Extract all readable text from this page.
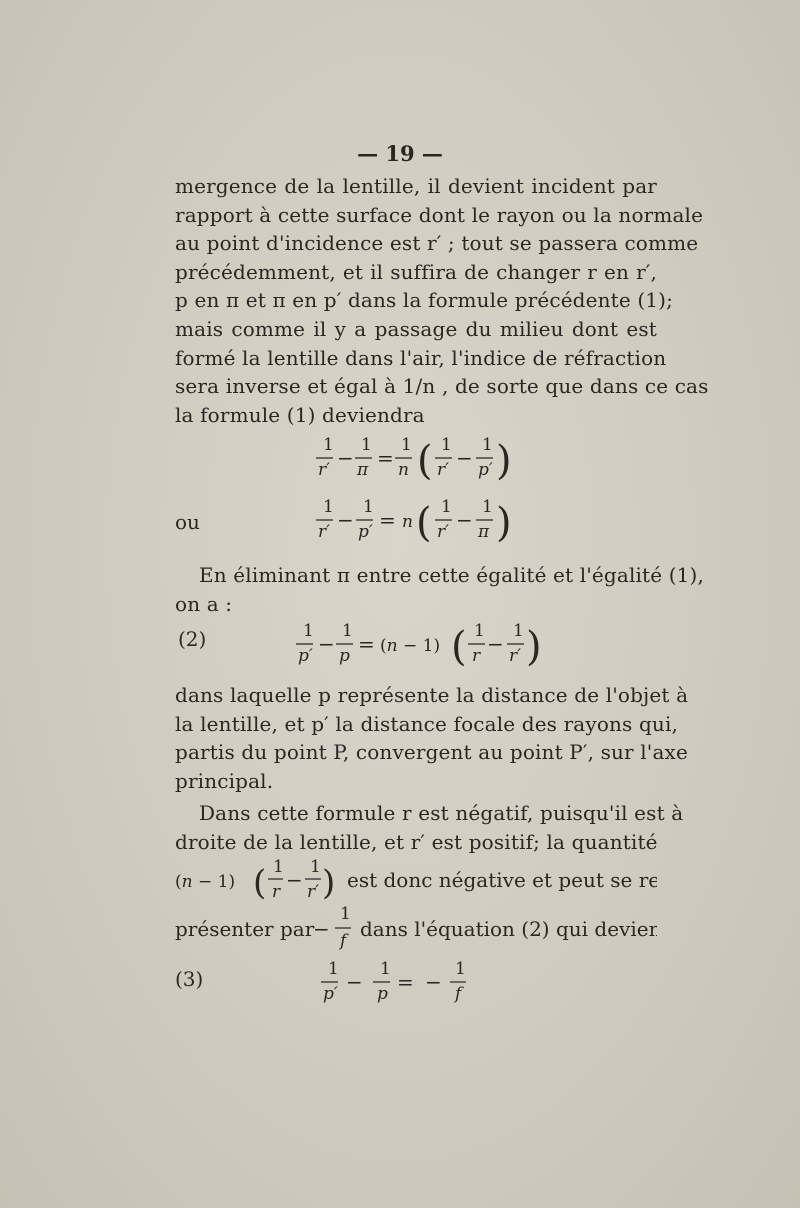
— 19 —
mergence de la lentille, il devient incident par
rapport à cette surface dont le rayon ou la normale
au point d'incidence est r′ ; tout se passera comme
précédemment, et il suffira de changer r en r′,
p en π et π en p′ dans la formule précédente (1);
mais comme il y a passage du milieu dont est
formé la lentille dans l'air, l'indice de réfraction
sera inverse et égal à 1/n , de sorte que dans ce cas
la formule (1) deviendra
1
r′ −
1
π =
1
n ( 1
r′ −
1
p′ )
ou
1
r′ −
1
p′ = n ( 1
r′ −
1
π )
En éliminant π entre cette égalité et l'égalité (1),
on a :
(2)	1
p′ −
1
p = (n − 1) ( 1
r −
1
r′ )
dans laquelle p représente la distance de l'objet à
la lentille, et p′ la distance focale des rayons qui,
partis du point P, convergent au point P′, sur l'axe
principal.
Dans cette formule r est négatif, puisqu'il est à
droite de la lentille, et r′ est positif; la quantité
(n − 1) ( 1
r −
1
r′ ) est donc négative et peut se re-
présenter par
−
1
f dans l'équation (2) qui devient :
(3)	1
p′ −
1
p = −
1
f
